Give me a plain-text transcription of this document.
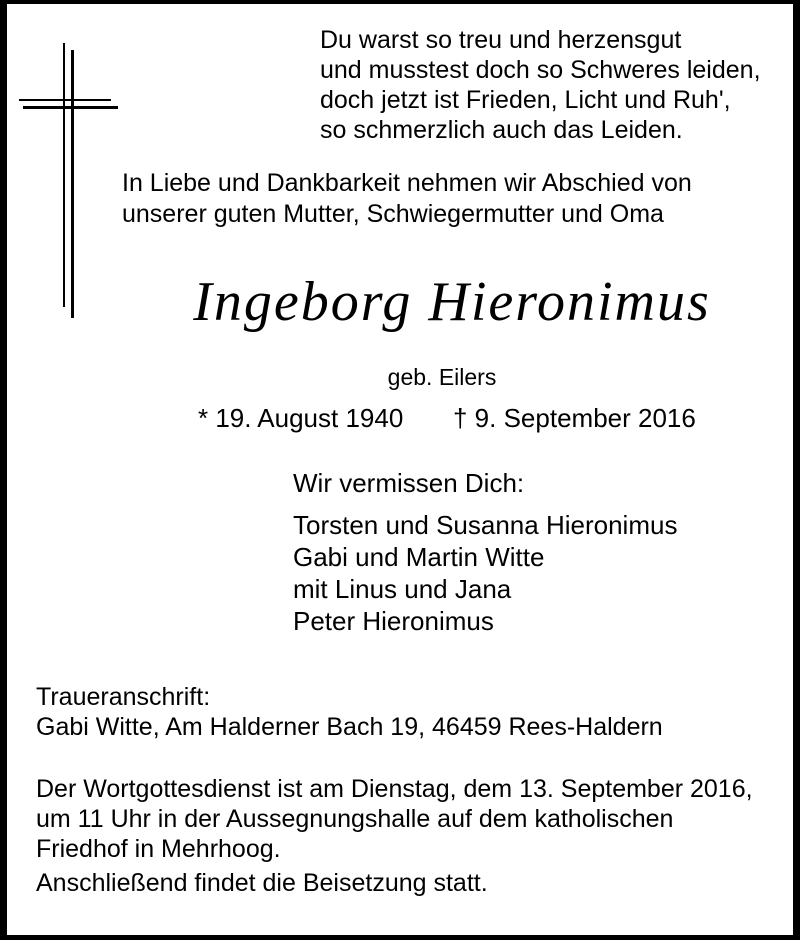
Du warst so treu und herzensgut
und musstest doch so Schweres leiden,
doch jetzt ist Frieden, Licht und Ruh',
so schmerzlich auch das Leiden.
In Liebe und Dankbarkeit nehmen wir Abschied von
unserer guten Mutter, Schwiegermutter und Oma
Ingeborg Hieronimus
geb. Eilers
* 19. August 1940 † 9. September 2016
Wir vermissen Dich:
Torsten und Susanna Hieronimus
Gabi und Martin Witte
mit Linus und Jana
Peter Hieronimus
Traueranschrift:
Gabi Witte, Am Halderner Bach 19, 46459 Rees-Haldern
Der Wortgottesdienst ist am Dienstag, dem 13. September 2016,
um 11 Uhr in der Aussegnungshalle auf dem katholischen
Friedhof in Mehrhoog.
Anschließend findet die Beisetzung statt.
